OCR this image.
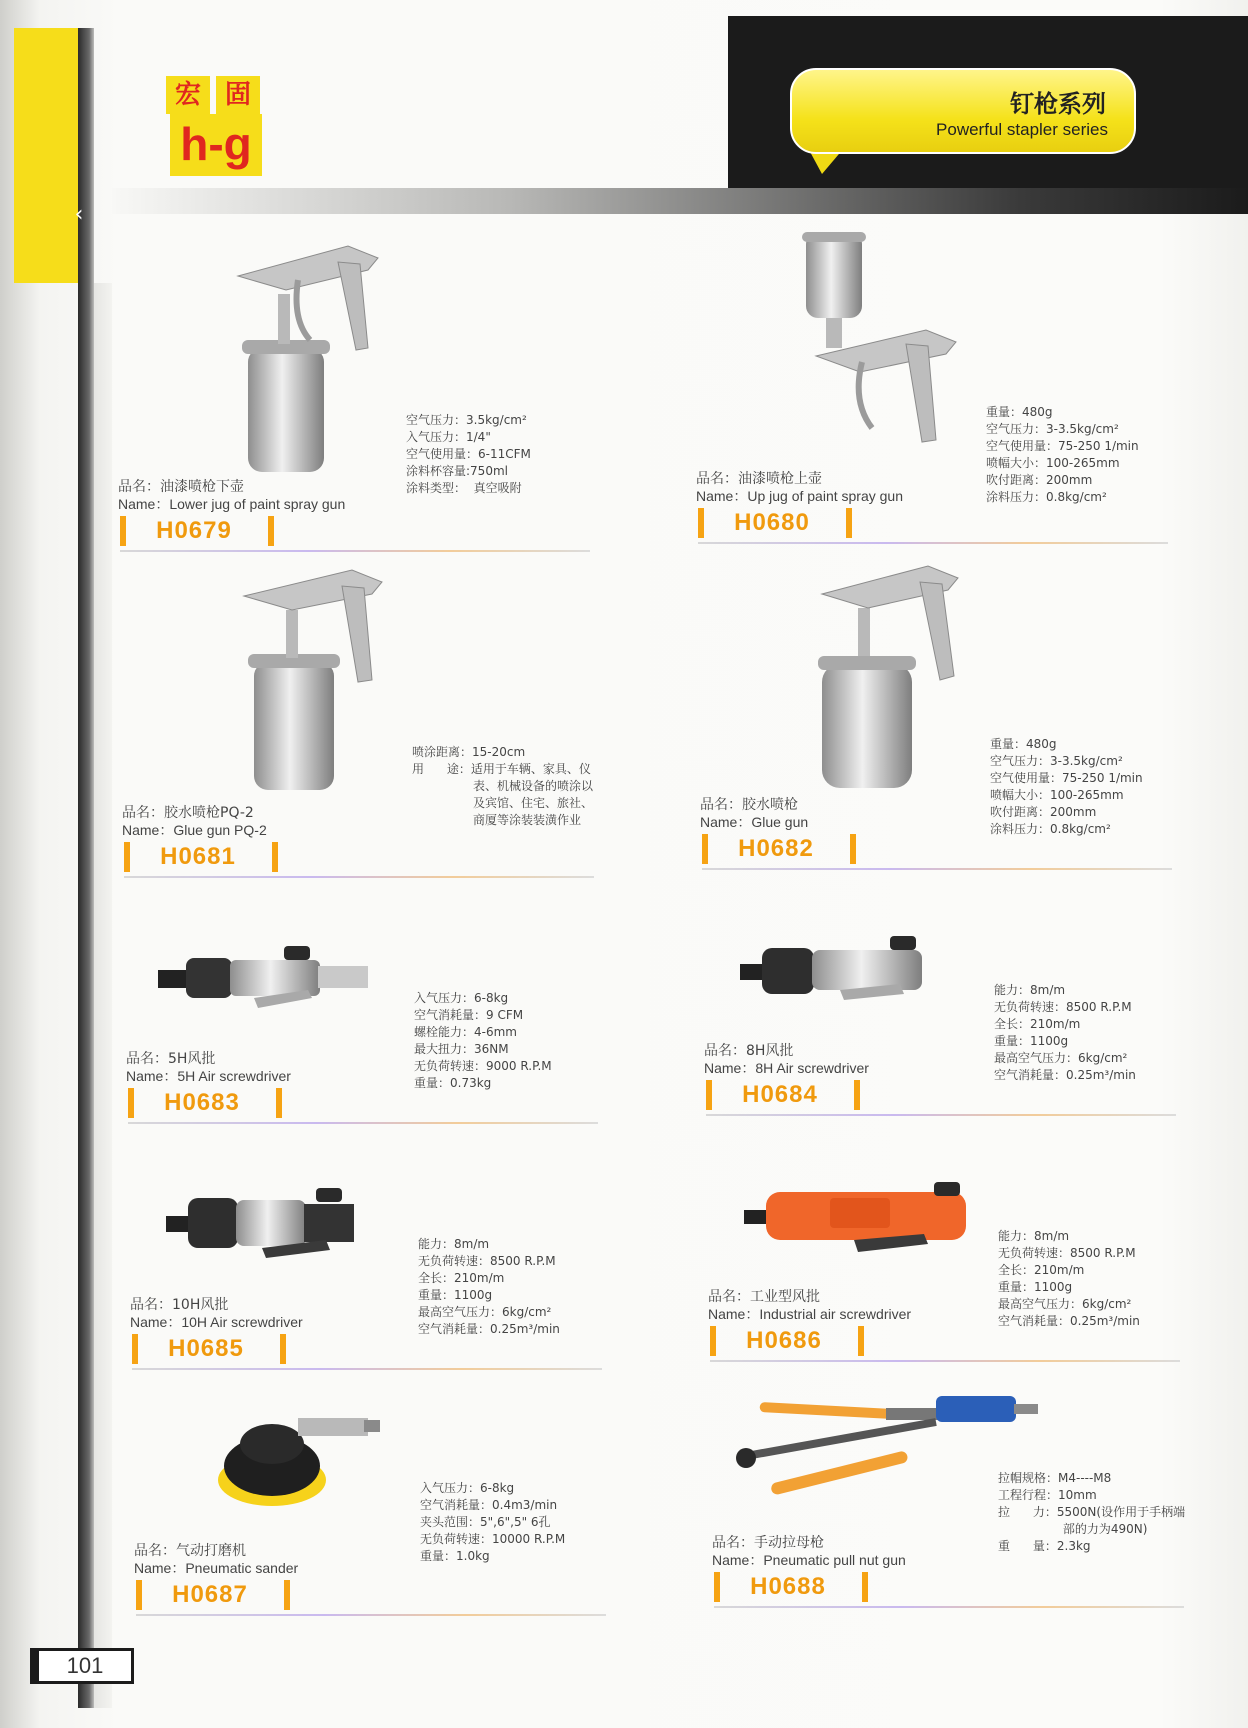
‹
宏 固
h-g
钉枪系列
Powerful stapler series
品名：油漆喷枪下壶
Name：Lower jug of paint spray gun
H0679
空气压力：3.5kg/cm²
入气压力：1/4"
空气使用量：6-11CFM
涂料杯容量:750ml
涂料类型：  真空吸附
品名：油漆喷枪上壶
Name：Up jug of paint spray gun
H0680
重量：480g
空气压力：3-3.5kg/cm²
空气使用量：75-250 1/min
喷幅大小：100-265mm
吹付距离：200mm
涂料压力：0.8kg/cm²
品名：胶水喷枪PQ-2
Name：Glue gun PQ-2
H0681
喷涂距离：15-20cm
用      途：适用于车辆、家具、仪
表、机械设备的喷涂以
及宾馆、住宅、旅社、
商厦等涂装装潢作业
品名：胶水喷枪
Name：Glue gun
H0682
重量：480g
空气压力：3-3.5kg/cm²
空气使用量：75-250 1/min
喷幅大小：100-265mm
吹付距离：200mm
涂料压力：0.8kg/cm²
品名：5H风批
Name：5H Air screwdriver
H0683
入气压力：6-8kg
空气消耗量：9 CFM
螺栓能力：4-6mm
最大扭力：36NM
无负荷转速：9000 R.P.M
重量：0.73kg
品名：8H风批
Name：8H Air screwdriver
H0684
能力：8m/m
无负荷转速：8500 R.P.M
全长：210m/m
重量：1100g
最高空气压力：6kg/cm²
空气消耗量：0.25m³/min
品名：10H风批
Name：10H Air screwdriver
H0685
能力：8m/m
无负荷转速：8500 R.P.M
全长：210m/m
重量：1100g
最高空气压力：6kg/cm²
空气消耗量：0.25m³/min
品名：工业型风批
Name：Industrial air screwdriver
H0686
能力：8m/m
无负荷转速：8500 R.P.M
全长：210m/m
重量：1100g
最高空气压力：6kg/cm²
空气消耗量：0.25m³/min
品名：气动打磨机
Name：Pneumatic sander
H0687
入气压力：6-8kg
空气消耗量：0.4m3/min
夹头范围：5",6",5" 6孔
无负荷转速：10000 R.P.M
重量：1.0kg
品名：手动拉母枪
Name：Pneumatic pull nut gun
H0688
拉帽规格：M4----M8
工程行程：10mm
拉      力：5500N(设作用于手柄端
部的力为490N)
重      量：2.3kg
101
